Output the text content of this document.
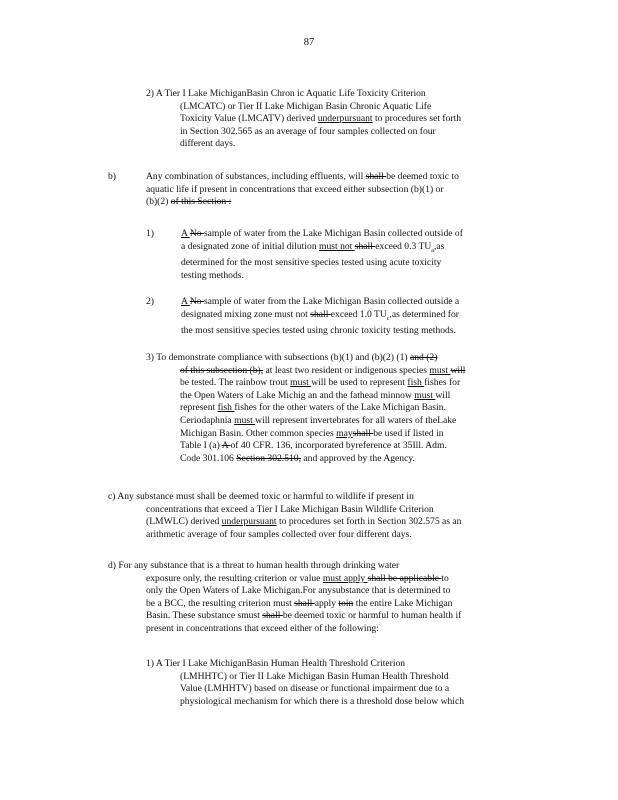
87
2) A Tier I Lake MichiganBasin Chron ic Aquatic Life Toxicity Criterion
(LMCATC) or Tier II Lake Michigan Basin Chronic Aquatic Life
Toxicity Value (LMCATV) derived underpursuant to procedures set forth
in Section 302.565 as an average of four samples collected on four
different days.
b)	Any combination of substances, including effluents, will shall be deemed toxic to
aquatic life if present in concentrations that exceed either subsection (b)(1) or
(b)(2) of this Section :
1)	A No sample of water from the Lake Michigan Basin collected outside of
a designated zone of initial dilution must not shall exceed 0.3 $TU_a,as$
determined for the most sensitive species tested using acute toxicity
testing methods.
2)	A No sample of water from the Lake Michigan Basin collected outside a
designated mixing zone must not shall exceed 1.0 $TU_c,as$ determined for
the most sensitive species tested using chronic toxicity testing methods.
3) To demonstrate compliance with subsections (b)(1) and (b)(2) (1) and (2)
of this subsection (b), at least two resident or indigenous species must will
be tested. The rainbow trout must will be used to represent fish fishes for
the Open Waters of Lake Michig an and the fathead minnow must will
represent fish fishes for the other waters of the Lake Michigan Basin.
Ceriodaphnia must will represent invertebrates for all waters of theLake
Michigan Basin. Other common species mayshall be used if listed in
Table I (a) A of 40 CFR. 136, incorporated byreference at 35Ill. Adm.
Code 301.106 Section 302.510, and approved by the Agency.
c) Any substance must shall be deemed toxic or harmful to wildlife if present in
concentrations that exceed a Tier I Lake Michigan Basin Wildlife Criterion
(LMWLC) derived underpursuant to procedures set forth in Section 302.575 as an
arithmetic average of four samples collected over four different days.
d) For any substance that is a threat to human health through drinking water
exposure only, the resulting criterion or value must apply shall be applicable to
only the Open Waters of Lake Michigan.For anysubstance that is determined to
be a BCC, the resulting criterion must shall apply toin the entire Lake Michigan
Basin. These substance smust shall be deemed toxic or harmful to human health if
present in concentrations that exceed either of the following:
1) A Tier I Lake MichiganBasin Human Health Threshold Criterion
(LMHHTC) or Tier II Lake Michigan Basin Human Health Threshold
Value (LMHHTV) based on disease or functional impairment due to a
physiological mechanism for which there is a threshold dose below which
